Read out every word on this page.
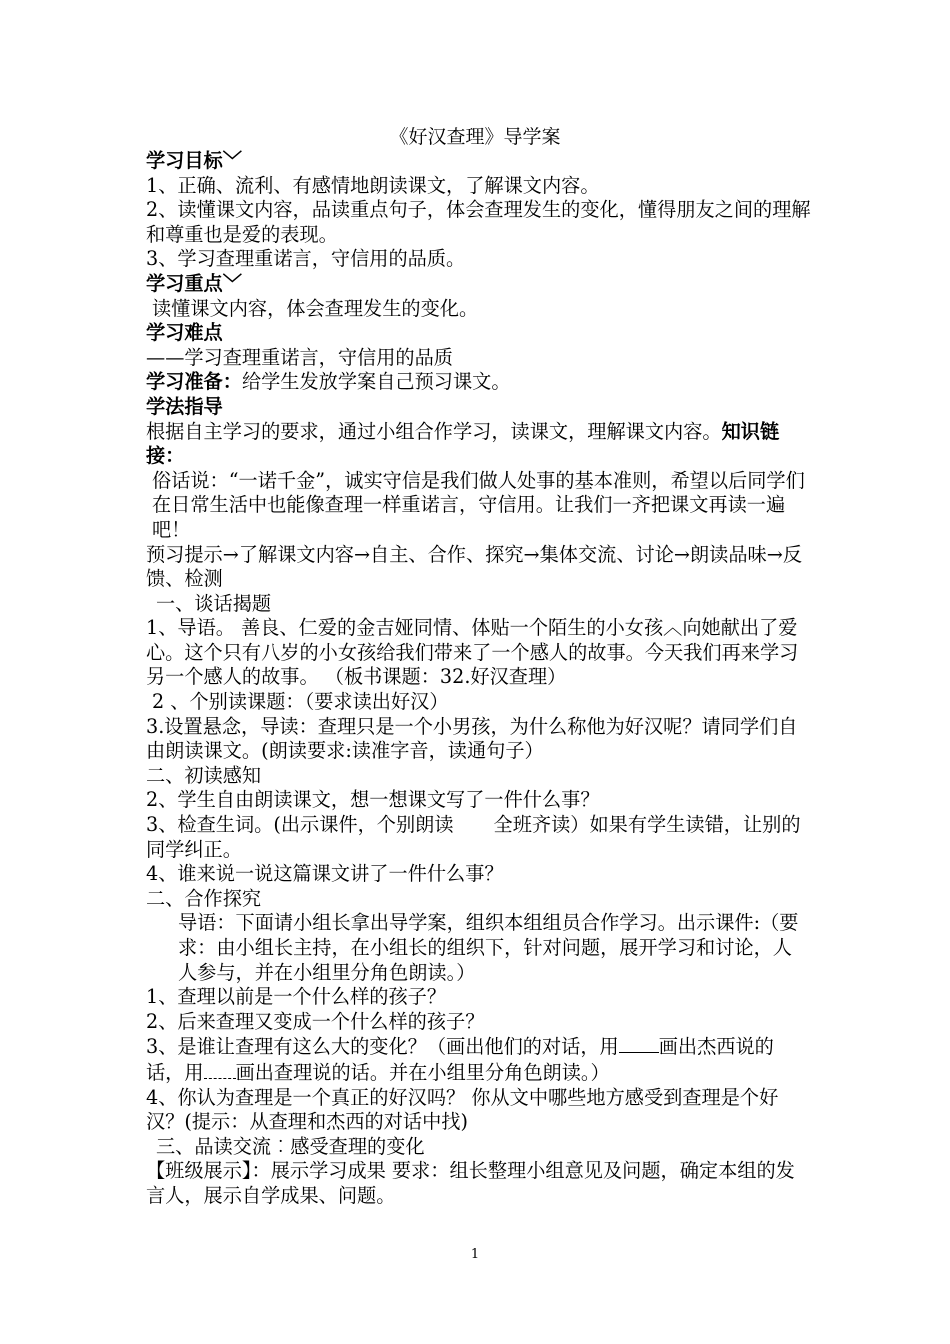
《好汉查理》导学案

学习目标﹀

1、正确、流利、有感情地朗读课文，了解课文内容。

2、读懂课文内容，品读重点句子，体会查理发生的变化，懂得朋友之间的理解和尊重也是爱的表现。

3、学习查理重诺言，守信用的品质。

学习重点﹀

读懂课文内容，体会查理发生的变化。

学习难点

——学习查理重诺言，守信用的品质

学习准备：给学生发放学案自己预习课文。

学法指导

根据自主学习的要求，通过小组合作学习，读课文，理解课文内容。知识链接：

俗话说：“一诺千金”，诚实守信是我们做人处事的基本准则，希望以后同学们在日常生活中也能像查理一样重诺言，守信用。让我们一齐把课文再读一遍吧！

预习提示→了解课文内容→自主、合作、探究→集体交流、讨论→朗读品味→反馈、检测

一、谈话揭题

1、导语。 善良、仁爱的金吉娅同情、体贴一个陌生的小女孩︿向她献出了爱心。这个只有八岁的小女孩给我们带来了一个感人的故事。今天我们再来学习另一个感人的故事。 （板书课题：32.好汉查理）

2 、个别读课题：（要求读出好汉）

3.设置悬念，导读：查理只是一个小男孩，为什么称他为好汉呢？请同学们自由朗读课文。(朗读要求:读准字音，读通句子）

二、初读感知

2、学生自由朗读课文，想一想课文写了一件什么事？

3、检查生词。(出示课件，个别朗读 全班齐读）如果有学生读错，让别的同学纠正。

4、谁来说一说这篇课文讲了一件什么事？

二、合作探究

导语：下面请小组长拿出导学案，组织本组组员合作学习。出示课件:（要求：由小组长主持，在小组长的组织下，针对问题，展开学习和讨论，人人参与，并在小组里分角色朗读。）

1、查理以前是一个什么样的孩子？

2、后来查理又变成一个什么样的孩子？

3、是谁让查理有这么大的变化？（画出他们的对话，用 画出杰西说的话，用 画出查理说的话。并在小组里分角色朗读。）

4、你认为查理是一个真正的好汉吗？ 你从文中哪些地方感受到查理是个好汉？(提示：从查理和杰西的对话中找)

三、品读交流︰感受查理的变化

【班级展示】：展示学习成果 要求：组长整理小组意见及问题，确定本组的发言人，展示自学成果、问题。

1
